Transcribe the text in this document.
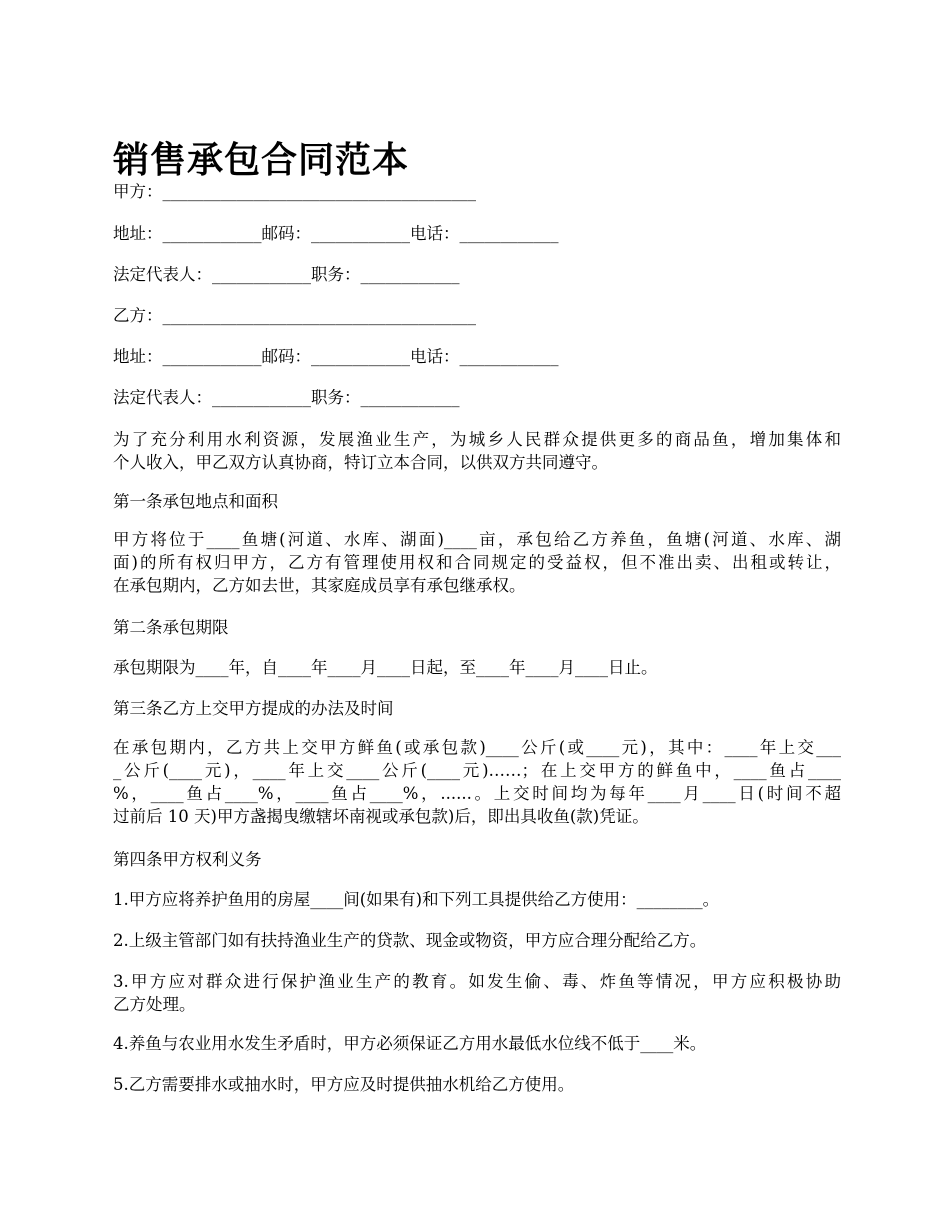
销售承包合同范本
甲方：______________________________________
地址：____________邮码：____________电话：____________
法定代表人：____________职务：____________
乙方：______________________________________
地址：____________邮码：____________电话：____________
法定代表人：____________职务：____________
为了充分利用水利资源，发展渔业生产，为城乡人民群众提供更多的商品鱼，增加集体和
个人收入，甲乙双方认真协商，特订立本合同，以供双方共同遵守。
第一条承包地点和面积
甲方将位于____鱼塘(河道、水库、湖面)____亩，承包给乙方养鱼，鱼塘(河道、水库、湖
面)的所有权归甲方，乙方有管理使用权和合同规定的受益权，但不准出卖、出租或转让，
在承包期内，乙方如去世，其家庭成员享有承包继承权。
第二条承包期限
承包期限为____年，自____年____月____日起，至____年____月____日止。
第三条乙方上交甲方提成的办法及时间
在承包期内，乙方共上交甲方鲜鱼(或承包款)____公斤(或____元)，其中：____年上交___
_公斤(____元)，____年上交____公斤(____元)……；在上交甲方的鲜鱼中，____鱼占____
%，____鱼占____%，____鱼占____%，......。上交时间均为每年____月____日(时间不超
过前后 10 天)甲方盏揭曳缴辖坏南视或承包款)后，即出具收鱼(款)凭证。
第四条甲方权利义务
1.甲方应将养护鱼用的房屋____间(如果有)和下列工具提供给乙方使用：________。
2.上级主管部门如有扶持渔业生产的贷款、现金或物资，甲方应合理分配给乙方。
3.甲方应对群众进行保护渔业生产的教育。如发生偷、毒、炸鱼等情况，甲方应积极协助
乙方处理。
4.养鱼与农业用水发生矛盾时，甲方必须保证乙方用水最低水位线不低于____米。
5.乙方需要排水或抽水时，甲方应及时提供抽水机给乙方使用。
